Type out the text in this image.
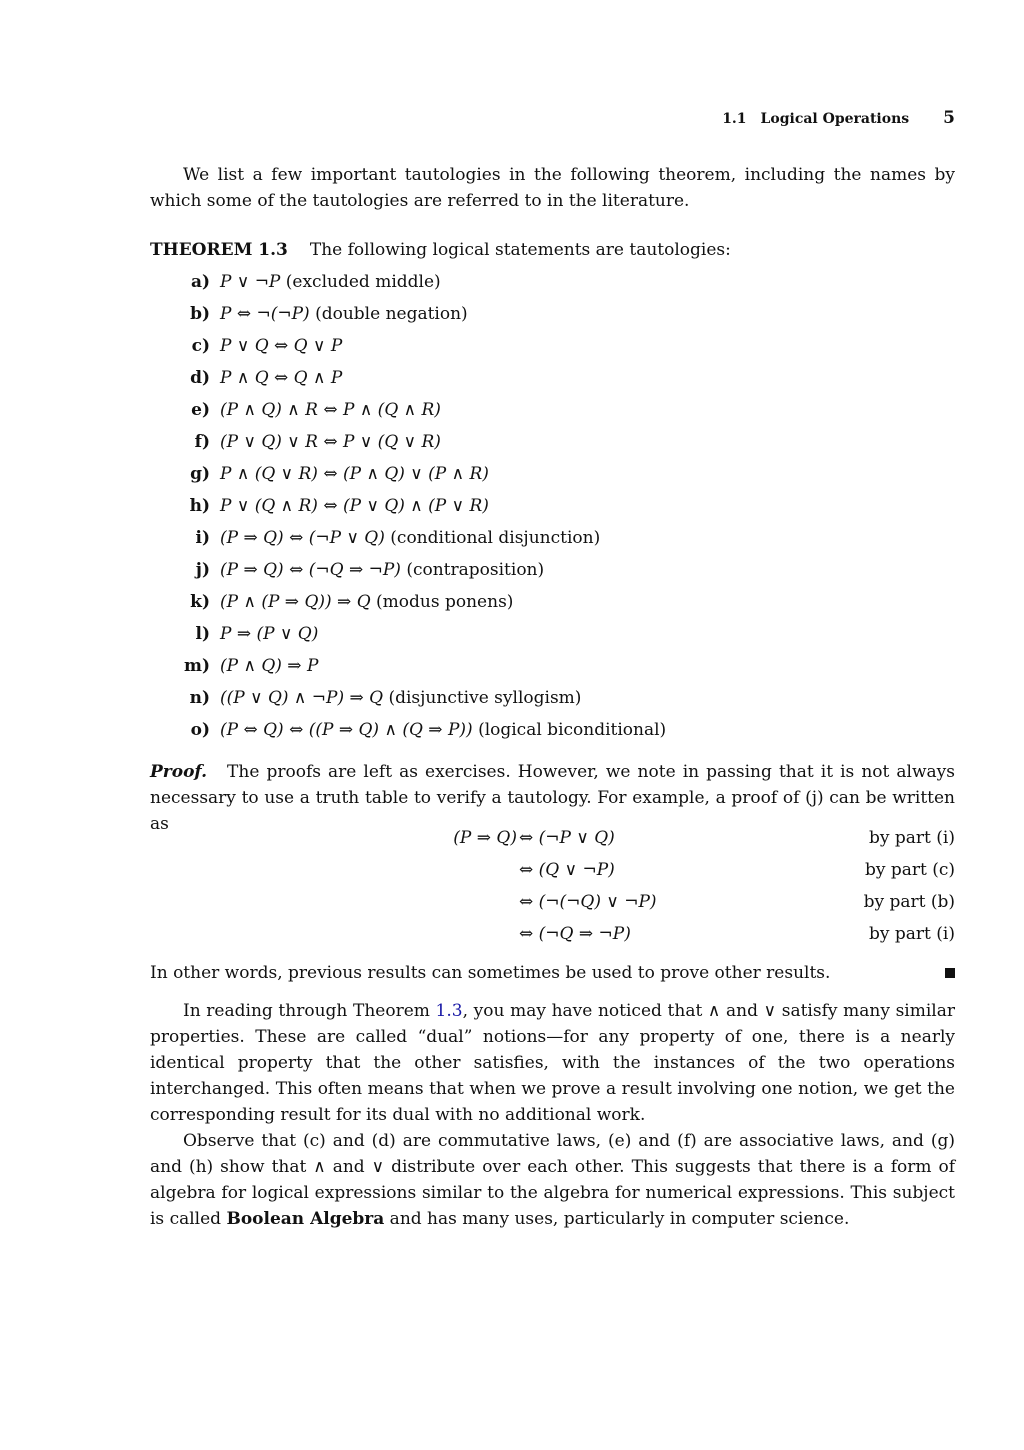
1.1 Logical Operations 5

We list a few important tautologies in the following theorem, including the names by which some of the tautologies are referred to in the literature.

THEOREM 1.3 The following logical statements are tautologies:
a) P ∨ ¬P
(excluded middle)
b) P ⇔ ¬(¬P)
(double negation)
c) P ∨ Q ⇔ Q ∨ P
d) P ∧ Q ⇔ Q ∧ P
e) (P ∧ Q) ∧ R ⇔ P ∧ (Q ∧ R)
f) (P ∨ Q) ∨ R ⇔ P ∨ (Q ∨ R)
g) P ∧ (Q ∨ R) ⇔ (P ∧ Q) ∨ (P ∧ R)
h) P ∨ (Q ∧ R) ⇔ (P ∨ Q) ∧ (P ∨ R)
i) (P ⇒ Q) ⇔ (¬P ∨ Q)
(conditional disjunction)
j) (P ⇒ Q) ⇔ (¬Q ⇒ ¬P)
(contraposition)
k) (P ∧ (P ⇒ Q)) ⇒ Q
(modus ponens)
l) P ⇒ (P ∨ Q)
m) (P ∧ Q) ⇒ P
n) ((P ∨ Q) ∧ ¬P) ⇒ Q
(disjunctive syllogism)
o) (P ⇔ Q) ⇔ ((P ⇒ Q) ∧ (Q ⇒ P))
(logical biconditional)
Proof. The proofs are left as exercises. However, we note in passing that it is not always necessary to use a truth table to verify a tautology. For example, a proof of (j) can be written as
(P ⇒ Q) ⇔ (¬P ∨ Q)	by part (i)
⇔ (Q ∨ ¬P)	by part (c)
⇔ (¬(¬Q) ∨ ¬P)	by part (b)
⇔ (¬Q ⇒ ¬P)	by part (i)
In other words, previous results can sometimes be used to prove other results.

In reading through Theorem 1.3, you may have noticed that ∧ and ∨ satisfy many similar properties. These are called “dual” notions—for any property of one, there is a nearly identical property that the other satisfies, with the instances of the two operations interchanged. This often means that when we prove a result involving one notion, we get the corresponding result for its dual with no additional work.

Observe that (c) and (d) are commutative laws, (e) and (f) are associative laws, and (g) and (h) show that ∧ and ∨ distribute over each other. This suggests that there is a form of algebra for logical expressions similar to the algebra for numerical expressions. This subject is called Boolean Algebra and has many uses, particularly in computer science.
